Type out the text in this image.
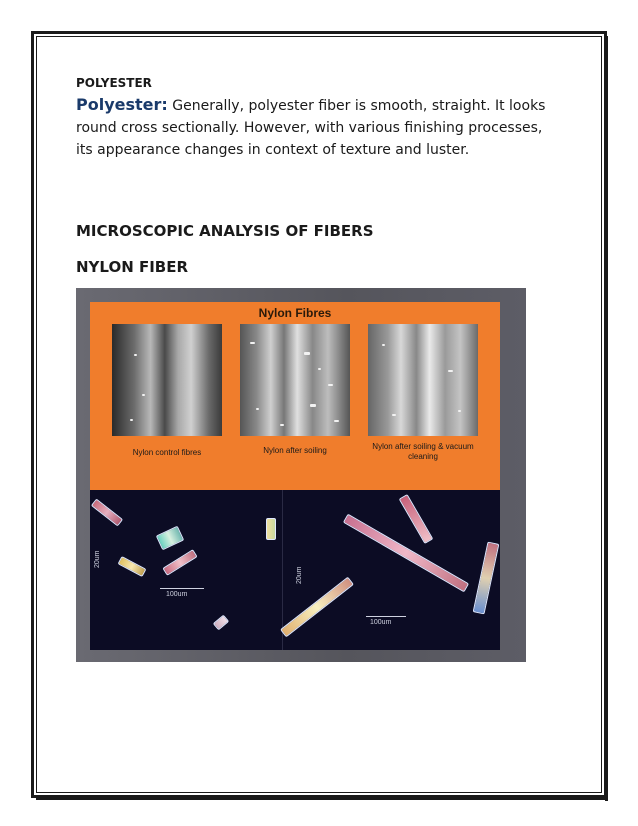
POLYESTER
Polyester: Generally, polyester fiber is smooth, straight. It looks round cross sectionally. However, with various finishing processes, its appearance changes in context of texture and luster.
MICROSCOPIC ANALYSIS OF FIBERS
NYLON FIBER
Nylon Fibres
Nylon control fibres	Nylon after soiling	Nylon after soiling & vacuum cleaning
20um
100um
20um
100um
